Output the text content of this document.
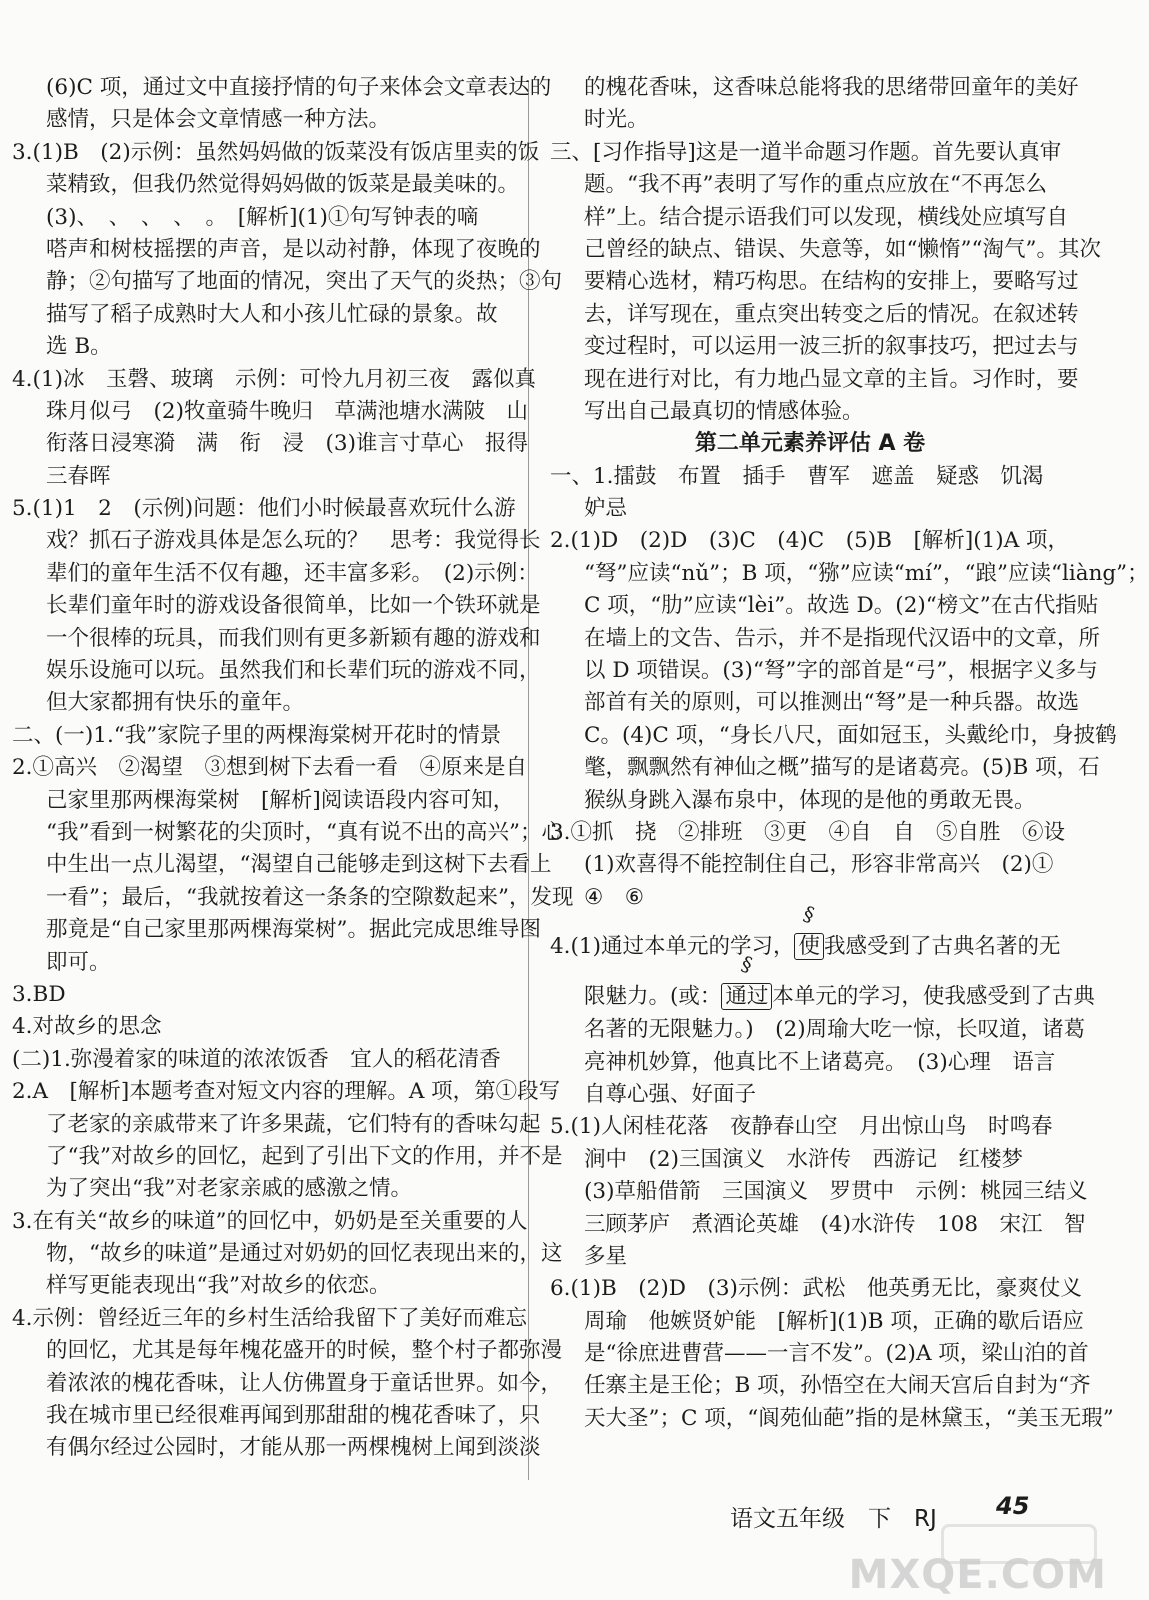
(6)C 项，通过文中直接抒情的句子来体会文章表达的
感情，只是体会文章情感一种方法。
3.(1)B　(2)示例：虽然妈妈做的饭菜没有饭店里卖的饭
菜精致，但我仍然觉得妈妈做的饭菜是最美味的。
(3)、　、　、　、　。　[解析](1)①句写钟表的嘀
嗒声和树枝摇摆的声音，是以动衬静，体现了夜晚的
静；②句描写了地面的情况，突出了天气的炎热；③句
描写了稻子成熟时大人和小孩儿忙碌的景象。故
选 B。
4.(1)冰　玉磬、玻璃　示例：可怜九月初三夜　露似真
珠月似弓　(2)牧童骑牛晚归　草满池塘水满陂　山
衔落日浸寒漪　满　衔　浸　(3)谁言寸草心　报得
三春晖
5.(1)1　2　(示例)问题：他们小时候最喜欢玩什么游
戏？抓石子游戏具体是怎么玩的？　思考：我觉得长
辈们的童年生活不仅有趣，还丰富多彩。　(2)示例：
长辈们童年时的游戏设备很简单，比如一个铁环就是
一个很棒的玩具，而我们则有更多新颖有趣的游戏和
娱乐设施可以玩。虽然我们和长辈们玩的游戏不同，
但大家都拥有快乐的童年。
二、(一)1.“我”家院子里的两棵海棠树开花时的情景
2.①高兴　②渴望　③想到树下去看一看　④原来是自
己家里那两棵海棠树　[解析]阅读语段内容可知，
“我”看到一树繁花的尖顶时，“真有说不出的高兴”；心
中生出一点儿渴望，“渴望自己能够走到这树下去看上
一看”；最后，“我就按着这一条条的空隙数起来”，发现
那竟是“自己家里那两棵海棠树”。据此完成思维导图
即可。
3.BD
4.对故乡的思念
(二)1.弥漫着家的味道的浓浓饭香　宜人的稻花清香
2.A　[解析]本题考查对短文内容的理解。A 项，第①段写
了老家的亲戚带来了许多果蔬，它们特有的香味勾起
了“我”对故乡的回忆，起到了引出下文的作用，并不是
为了突出“我”对老家亲戚的感激之情。
3.在有关“故乡的味道”的回忆中，奶奶是至关重要的人
物，“故乡的味道”是通过对奶奶的回忆表现出来的，这
样写更能表现出“我”对故乡的依恋。
4.示例：曾经近三年的乡村生活给我留下了美好而难忘
的回忆，尤其是每年槐花盛开的时候，整个村子都弥漫
着浓浓的槐花香味，让人仿佛置身于童话世界。如今，
我在城市里已经很难再闻到那甜甜的槐花香味了，只
有偶尔经过公园时，才能从那一两棵槐树上闻到淡淡
的槐花香味，这香味总能将我的思绪带回童年的美好
时光。
三、[习作指导]这是一道半命题习作题。首先要认真审
题。“我不再”表明了写作的重点应放在“不再怎么
样”上。结合提示语我们可以发现，横线处应填写自
己曾经的缺点、错误、失意等，如“懒惰”“淘气”。其次
要精心选材，精巧构思。在结构的安排上，要略写过
去，详写现在，重点突出转变之后的情况。在叙述转
变过程时，可以运用一波三折的叙事技巧，把过去与
现在进行对比，有力地凸显文章的主旨。习作时，要
写出自己最真切的情感体验。
第二单元素养评估 A 卷
一、1.擂鼓　布置　插手　曹军　遮盖　疑惑　饥渴
妒忌
2.(1)D　(2)D　(3)C　(4)C　(5)B　[解析](1)A 项，
“弩”应读“nǔ”；B 项，“猕”应读“mí”，“踉”应读“liàng”；
C 项，“肋”应读“lèi”。故选 D。(2)“榜文”在古代指贴
在墙上的文告、告示，并不是指现代汉语中的文章，所
以 D 项错误。(3)“弩”字的部首是“弓”，根据字义多与
部首有关的原则，可以推测出“弩”是一种兵器。故选
C。(4)C 项，“身长八尺，面如冠玉，头戴纶巾，身披鹤
氅，飘飘然有神仙之概”描写的是诸葛亮。(5)B 项，石
猴纵身跳入瀑布泉中，体现的是他的勇敢无畏。
3.①抓　挠　②排班　③更　④自　自　⑤自胜　⑥设
(1)欢喜得不能控制住自己，形容非常高兴　(2)①
④　⑥
4.(1)通过本单元的学习， § 使 我感受到了古典名著的无
限魅力。(或： § 通过 本单元的学习，使我感受到了古典
名著的无限魅力。)　(2)周瑜大吃一惊，长叹道，诸葛
亮神机妙算，他真比不上诸葛亮。　(3)心理　语言
自尊心强、好面子
5.(1)人闲桂花落　夜静春山空　月出惊山鸟　时鸣春
涧中　(2)三国演义　水浒传　西游记　红楼梦
(3)草船借箭　三国演义　罗贯中　示例：桃园三结义
三顾茅庐　煮酒论英雄　(4)水浒传　108　宋江　智
多星
6.(1)B　(2)D　(3)示例：武松　他英勇无比，豪爽仗义
周瑜　他嫉贤妒能　[解析](1)B 项，正确的歇后语应
是“徐庶进曹营——一言不发”。(2)A 项，梁山泊的首
任寨主是王伦；B 项，孙悟空在大闹天宫后自封为“齐
天大圣”；C 项，“阆苑仙葩”指的是林黛玉，“美玉无瑕”
语文五年级　下　RJ 45
MXQE.COM
